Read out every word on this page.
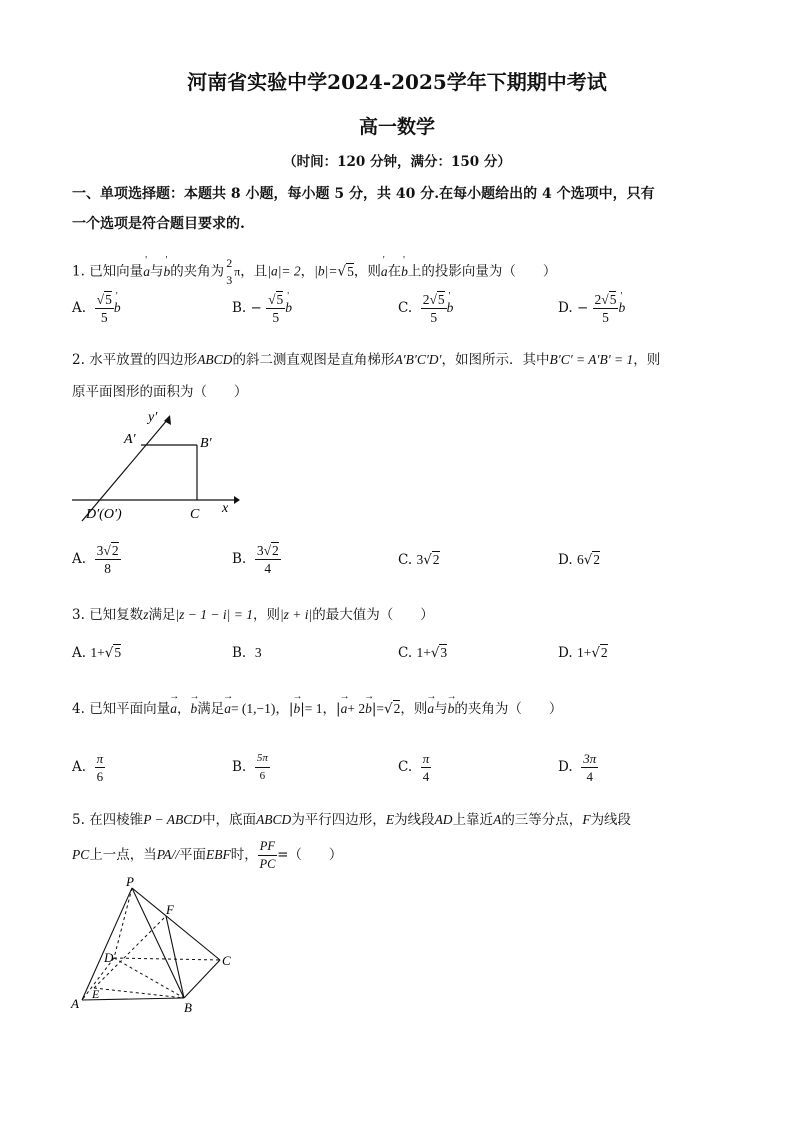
河南省实验中学2024-2025学年下期期中考试
高一数学
（时间：120 分钟，满分：150 分）
一、单项选择题：本题共 8 小题，每小题 5 分，共 40 分.在每小题给出的 4 个选项中，只有
一个选项是符合题目要求的.
1. 已知向量' a与' b的夹角为
2
3
π，且|a|= 2，|b|=√5，则' a在' b上的投影向量为（　　）
A. $\frac{√5}{5}$ ' b	B. − $\frac{√5}{5}$ ' b	C. $\frac{2√5}{5}$ ' b	D. − $\frac{2√5}{5}$ ' b
2. 水平放置的四边形ABCD的斜二测直观图是直角梯形A′B′C′D′，如图所示．其中B′C′ = A′B′ = 1，则
原平面图形的面积为（　　）
y′
A′	B′
D′(O′)	C x
A. $\frac{3√2}{8}$	B. $\frac{3√2}{4}$	C. 3√2	D. 6√2
3. 已知复数z满足|z − 1 − i| = 1，则|z + i|的最大值为（　　）
A. 1+√5	B. 3	C. 1+√3	D. 1+√2
4. 已知平面向量→ a，→ b满足→ a= (1,−1)，|→ b|= 1，|→ a+ 2→ b|=√2，则→ a与→ b的夹角为（　　）
A. $\frac{\pi}{6}$	B. $\frac{5\pi}{6}$	C. $\frac{\pi}{4}$	D. $\frac{3\pi}{4}$
5. 在四棱锥P − ABCD中，底面ABCD为平行四边形，E为线段AD上靠近A的三等分点，F为线段
PC上一点，当PA//平面EBF时， $\frac{PF}{PC}$ =（　　）
P
F
D	C
A
E
B
